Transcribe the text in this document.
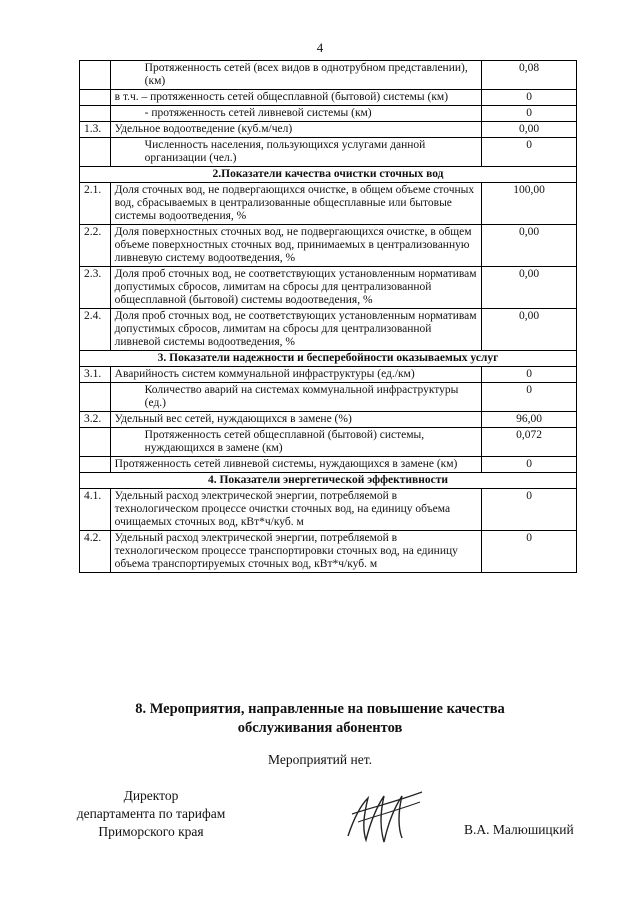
4
	Протяженность сетей (всех видов в однотрубном представлении), (км)	0,08
	в т.ч. – протяженность сетей общесплавной (бытовой) системы (км)	0
	- протяженность сетей ливневой системы (км)	0
1.3.	Удельное водоотведение (куб.м/чел)	0,00
	Численность населения, пользующихся услугами данной организации (чел.)	0
2.Показатели качества очистки сточных вод		
2.1.	Доля сточных вод, не подвергающихся очистке, в общем объеме сточных вод, сбрасываемых в централизованные общесплавные или бытовые системы водоотведения, %	100,00
2.2.	Доля поверхностных сточных вод, не подвергающихся очистке, в общем объеме поверхностных сточных вод, принимаемых в централизованную ливневую систему водоотведения, %	0,00
2.3.	Доля проб сточных вод, не соответствующих установленным нормативам допустимых сбросов, лимитам на сбросы для централизованной общесплавной (бытовой) системы водоотведения, %	0,00
2.4.	Доля проб сточных вод, не соответствующих установленным нормативам допустимых сбросов, лимитам на сбросы для централизованной ливневой системы водоотведения, %	0,00
3. Показатели надежности и бесперебойности оказываемых услуг		
3.1.	Аварийность систем коммунальной инфраструктуры (ед./км)	0
	Количество аварий на системах коммунальной инфраструктуры (ед.)	0
3.2.	Удельный вес сетей, нуждающихся в замене (%)	96,00
	Протяженность сетей общесплавной (бытовой) системы, нуждающихся в замене (км)	0,072
	Протяженность сетей ливневой системы, нуждающихся в замене (км)	0
4. Показатели энергетической эффективности		
4.1.	Удельный расход электрической энергии, потребляемой в технологическом процессе очистки сточных вод, на единицу объема очищаемых сточных вод, кВт*ч/куб. м	0
4.2.	Удельный расход электрической энергии, потребляемой в технологическом процессе транспортировки сточных вод, на единицу объема транспортируемых сточных вод, кВт*ч/куб. м	0
8. Мероприятия, направленные на повышение качества
обслуживания абонентов
Мероприятий нет.
Директор
департамента по тарифам
Приморского края	В.А. Малюшицкий
